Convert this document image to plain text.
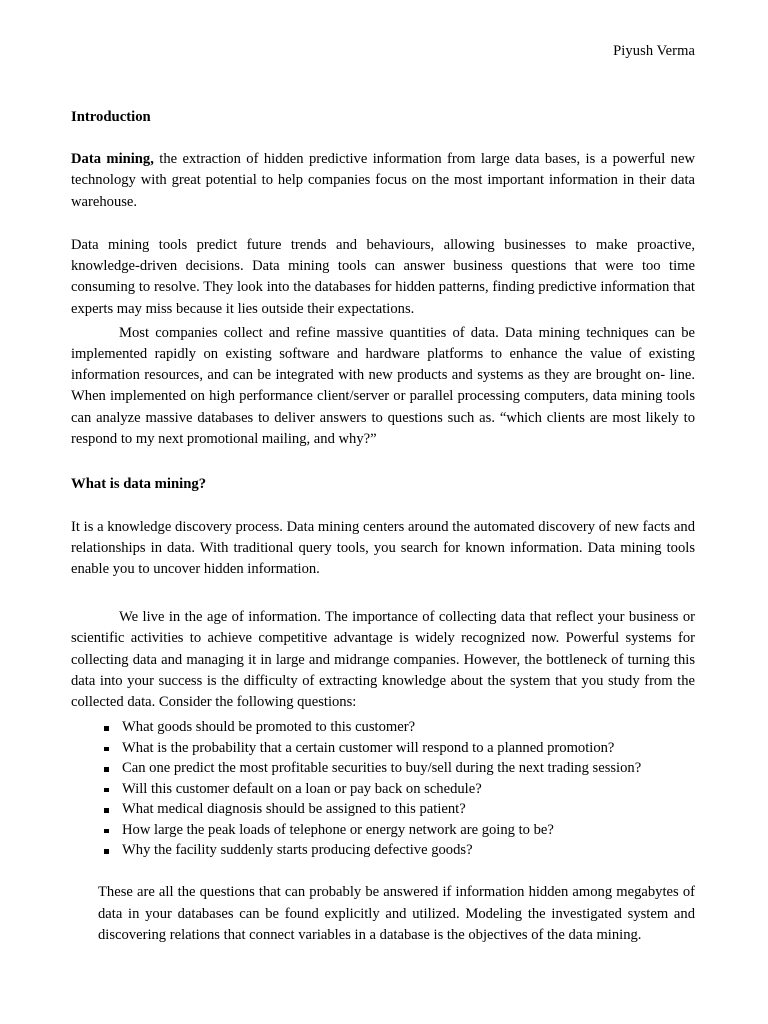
Piyush Verma
Introduction

Data mining, the extraction of hidden predictive information from large data bases, is a powerful new technology with great potential to help companies focus on the most important information in their data warehouse.

Data mining tools predict future trends and behaviours, allowing businesses to make proactive, knowledge-driven decisions. Data mining tools can answer business questions that were too time consuming to resolve. They look into the databases for hidden patterns, finding predictive information that experts may miss because it lies outside their expectations.

Most companies collect and refine massive quantities of data. Data mining techniques can be implemented rapidly on existing software and hardware platforms to enhance the value of existing information resources, and can be integrated with new products and systems as they are brought on- line. When implemented on high performance client/server or parallel processing computers, data mining tools can analyze massive databases to deliver answers to questions such as. “which clients are most likely to respond to my next promotional mailing, and why?”

What is data mining?

It is a knowledge discovery process. Data mining centers around the automated discovery of new facts and relationships in data. With traditional query tools, you search for known information. Data mining tools enable you to uncover hidden information.

We live in the age of information. The importance of collecting data that reflect your business or scientific activities to achieve competitive advantage is widely recognized now. Powerful systems for collecting data and managing it in large and midrange companies. However, the bottleneck of turning this data into your success is the difficulty of extracting knowledge about the system that you study from the collected data. Consider the following questions:

What goods should be promoted to this customer?
What is the probability that a certain customer will respond to a planned promotion?
Can one predict the most profitable securities to buy/sell during the next trading session?
Will this customer default on a loan or pay back on schedule?
What medical diagnosis should be assigned to this patient?
How large the peak loads of telephone or energy network are going to be?
Why the facility suddenly starts producing defective goods?

These are all the questions that can probably be answered if information hidden among megabytes of data in your databases can be found explicitly and utilized. Modeling the investigated system and discovering relations that connect variables in a database is the objectives of the data mining.
